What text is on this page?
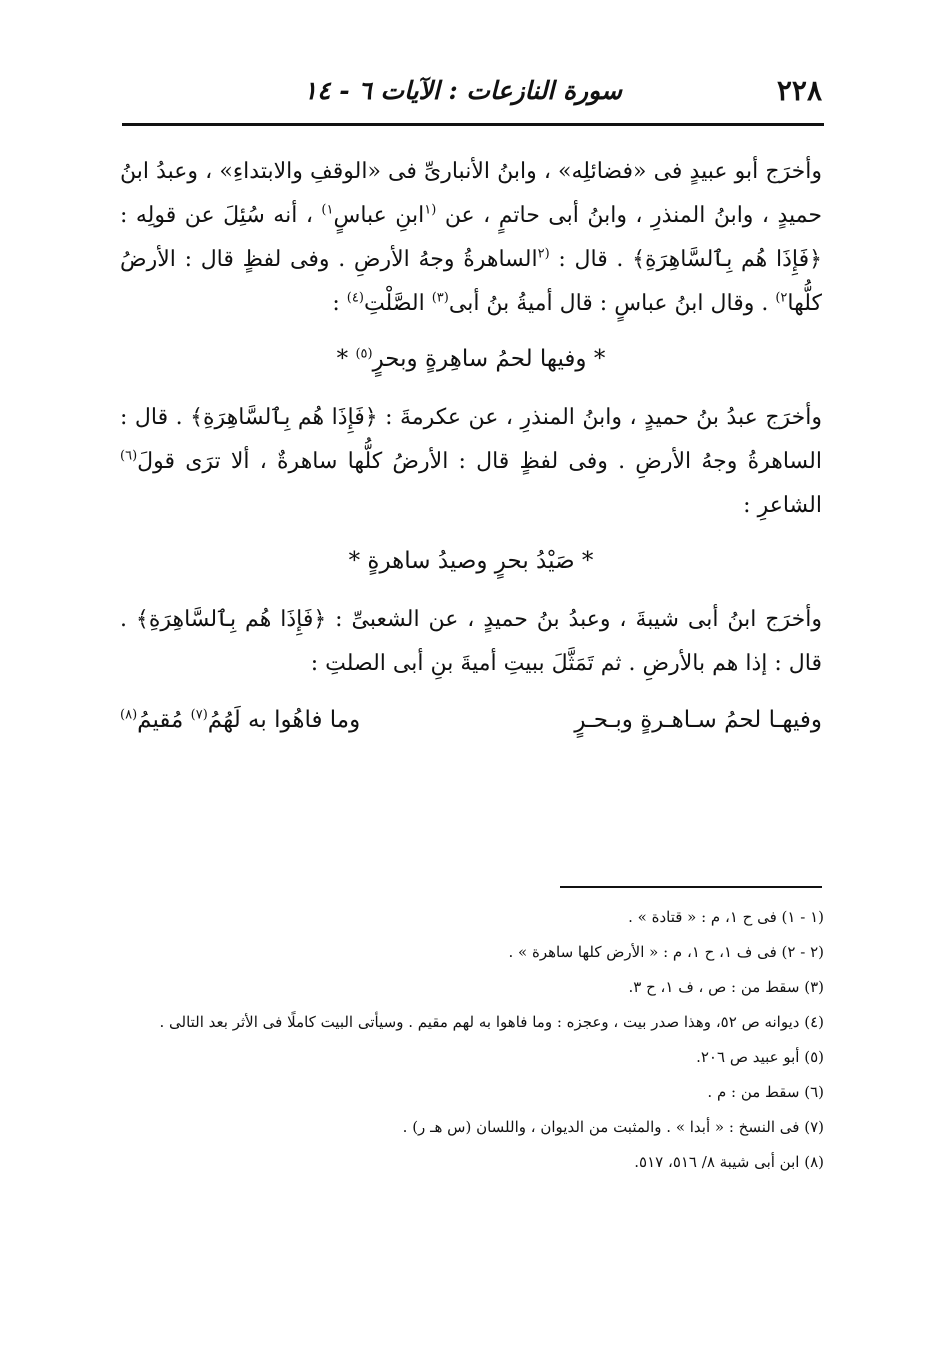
٢٢٨
سورة النازعات : الآيات ٦ - ١٤

وأخرَج أبو عبيدٍ فى «فضائلِه» ، وابنُ الأنبارىِّ فى «الوقفِ والابتداءِ» ، وعبدُ ابنُ حميدٍ ، وابنُ المنذرِ ، وابنُ أبى حاتمٍ ، عن $^{(١}$ابنِ عباسٍ$^{١)}$ ، أنه سُئِلَ عن قولِه : ﴿فَإِذَا هُم بِٱلسَّاهِرَةِ﴾ . قال : $^{(٢}$الساهرةُ وجهُ الأرضِ . وفى لفظٍ قال : الأرضُ كلُّها$^{٢)}$ . وقال ابنُ عباسٍ : قال أميةُ بنُ أبى$^{(٣)}$ الصَّلْتِ$^{(٤)}$ :

* وفيها لحمُ ساهِرةٍ وبحرٍ$^{(٥)}$ *

وأخرَج عبدُ بنُ حميدٍ ، وابنُ المنذرِ ، عن عكرمةَ : ﴿فَإِذَا هُم بِٱلسَّاهِرَةِ﴾ . قال : الساهرةُ وجهُ الأرضِ . وفى لفظٍ قال : الأرضُ كلُّها ساهرةٌ ، ألا ترَى قولَ$^{(٦)}$ الشاعرِ :

* صَيْدُ بحرٍ وصيدُ ساهرةٍ *

وأخرَج ابنُ أبى شيبةَ ، وعبدُ بنُ حميدٍ ، عن الشعبىِّ : ﴿فَإِذَا هُم بِٱلسَّاهِرَةِ﴾ . قال : إذا هم بالأرضِ . ثم تَمَثَّلَ ببيتِ أميةَ بنِ أبى الصلتِ :

وفيهـا لحمُ سـاهـرةٍ وبـحـرٍ
وما فاهُوا به لَهُمُ$^{(٧)}$ مُقيمُ$^{(٨)}$

(١ - ١) فى ح ١، م : « قتادة » .

(٢ - ٢) فى ف ١، ح ١، م : « الأرض كلها ساهرة » .

(٣) سقط من : ص ، ف ١، ح ٣.

(٤) ديوانه ص ٥٢، وهذا صدر بيت ، وعجزه : وما فاهوا به لهم مقيم . وسيأتى البيت كاملًا فى الأثر بعد التالى .

(٥) أبو عبيد ص ٢٠٦.

(٦) سقط من : م .

(٧) فى النسخ : « أبدا » . والمثبت من الديوان ، واللسان (س هـ ر) .

(٨) ابن أبى شيبة ٨/ ٥١٦، ٥١٧.
